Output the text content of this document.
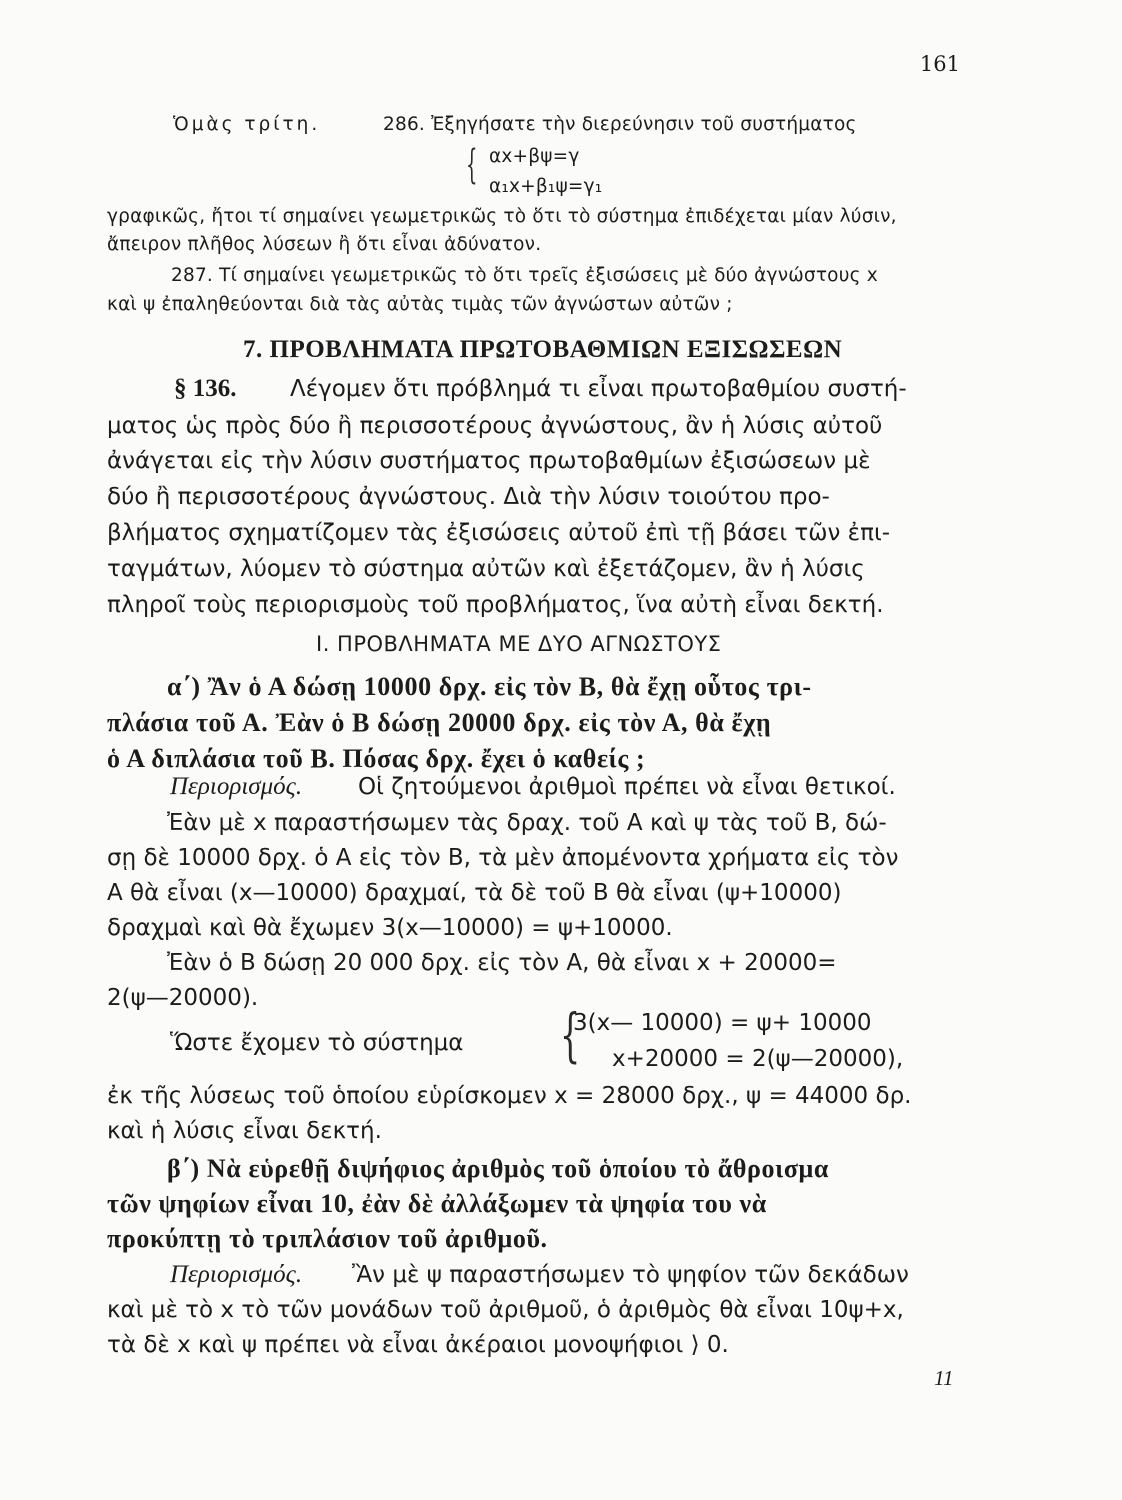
161
Ὁμὰς τρίτη.	286. Ἐξηγήσατε τὴν διερεύνησιν τοῦ συστήματος
{ αx+βψ=γ
α₁x+β₁ψ=γ₁
γραφικῶς, ἤτοι τί σημαίνει γεωμετρικῶς τὸ ὅτι τὸ σύστημα ἐπιδέχεται μίαν λύσιν,
ἄπειρον πλῆθος λύσεων ἢ ὅτι εἶναι ἀδύνατον.
287. Τί σημαίνει γεωμετρικῶς τὸ ὅτι τρεῖς ἐξισώσεις μὲ δύο ἀγνώστους x
καὶ ψ ἐπαληθεύονται διὰ τὰς αὐτὰς τιμὰς τῶν ἀγνώστων αὐτῶν ;
7. ΠΡΟΒΛΗΜΑΤΑ ΠΡΩΤΟΒΑΘΜΙΩΝ ΕΞΙΣΩΣΕΩΝ
§ 136. Λέγομεν ὅτι πρόβλημά τι εἶναι πρωτοβαθμίου συστή-
ματος ὡς πρὸς δύο ἢ περισσοτέρους ἀγνώστους, ἂν ἡ λύσις αὐτοῦ
ἀνάγεται εἰς τὴν λύσιν συστήματος πρωτοβαθμίων ἐξισώσεων μὲ
δύο ἢ περισσοτέρους ἀγνώστους. Διὰ τὴν λύσιν τοιούτου προ-
βλήματος σχηματίζομεν τὰς ἐξισώσεις αὐτοῦ ἐπὶ τῇ βάσει τῶν ἐπι-
ταγμάτων, λύομεν τὸ σύστημα αὐτῶν καὶ ἐξετάζομεν, ἂν ἡ λύσις
πληροῖ τοὺς περιορισμοὺς τοῦ προβλήματος, ἵνα αὐτὴ εἶναι δεκτή.
I. ΠΡΟΒΛΗΜΑΤΑ ΜΕ ΔΥΟ ΑΓΝΩΣΤΟΥΣ
α΄) Ἂν ὁ Α δώσῃ 10000 δρχ. εἰς τὸν Β, θὰ ἔχῃ οὗτος τρι-
πλάσια τοῦ Α. Ἐὰν ὁ Β δώσῃ 20000 δρχ. εἰς τὸν Α, θὰ ἔχῃ
ὁ Α διπλάσια τοῦ Β. Πόσας δρχ. ἔχει ὁ καθείς ;
Περιορισμός. Οἱ ζητούμενοι ἀριθμοὶ πρέπει νὰ εἶναι θετικοί.
Ἐὰν μὲ x παραστήσωμεν τὰς δραχ. τοῦ Α καὶ ψ τὰς τοῦ Β, δώ-
σῃ δὲ 10000 δρχ. ὁ Α εἰς τὸν Β, τὰ μὲν ἀπομένοντα χρήματα εἰς τὸν
Α θὰ εἶναι (x—10000) δραχμαί, τὰ δὲ τοῦ Β θὰ εἶναι (ψ+10000)
δραχμαὶ καὶ θὰ ἔχωμεν 3(x—10000) = ψ+10000.
Ἐὰν ὁ Β δώσῃ 20 000 δρχ. εἰς τὸν Α, θὰ εἶναι x + 20000=
2(ψ—20000).
Ὥστε ἔχομεν τὸ σύστημα {
3(x— 10000) = ψ+ 10000
x+20000 = 2(ψ—20000),
ἐκ τῆς λύσεως τοῦ ὁποίου εὑρίσκομεν x = 28000 δρχ., ψ = 44000 δρ.
καὶ ἡ λύσις εἶναι δεκτή.
β΄) Νὰ εὑρεθῇ διψήφιος ἀριθμὸς τοῦ ὁποίου τὸ ἄθροισμα
τῶν ψηφίων εἶναι 10, ἐὰν δὲ ἀλλάξωμεν τὰ ψηφία του νὰ
προκύπτῃ τὸ τριπλάσιον τοῦ ἀριθμοῦ.
Περιορισμός. Ἂν μὲ ψ παραστήσωμεν τὸ ψηφίον τῶν δεκάδων
καὶ μὲ τὸ x τὸ τῶν μονάδων τοῦ ἀριθμοῦ, ὁ ἀριθμὸς θὰ εἶναι 10ψ+x,
τὰ δὲ x καὶ ψ πρέπει νὰ εἶναι ἀκέραιοι μονοψήφιοι ⟩ 0.
11
